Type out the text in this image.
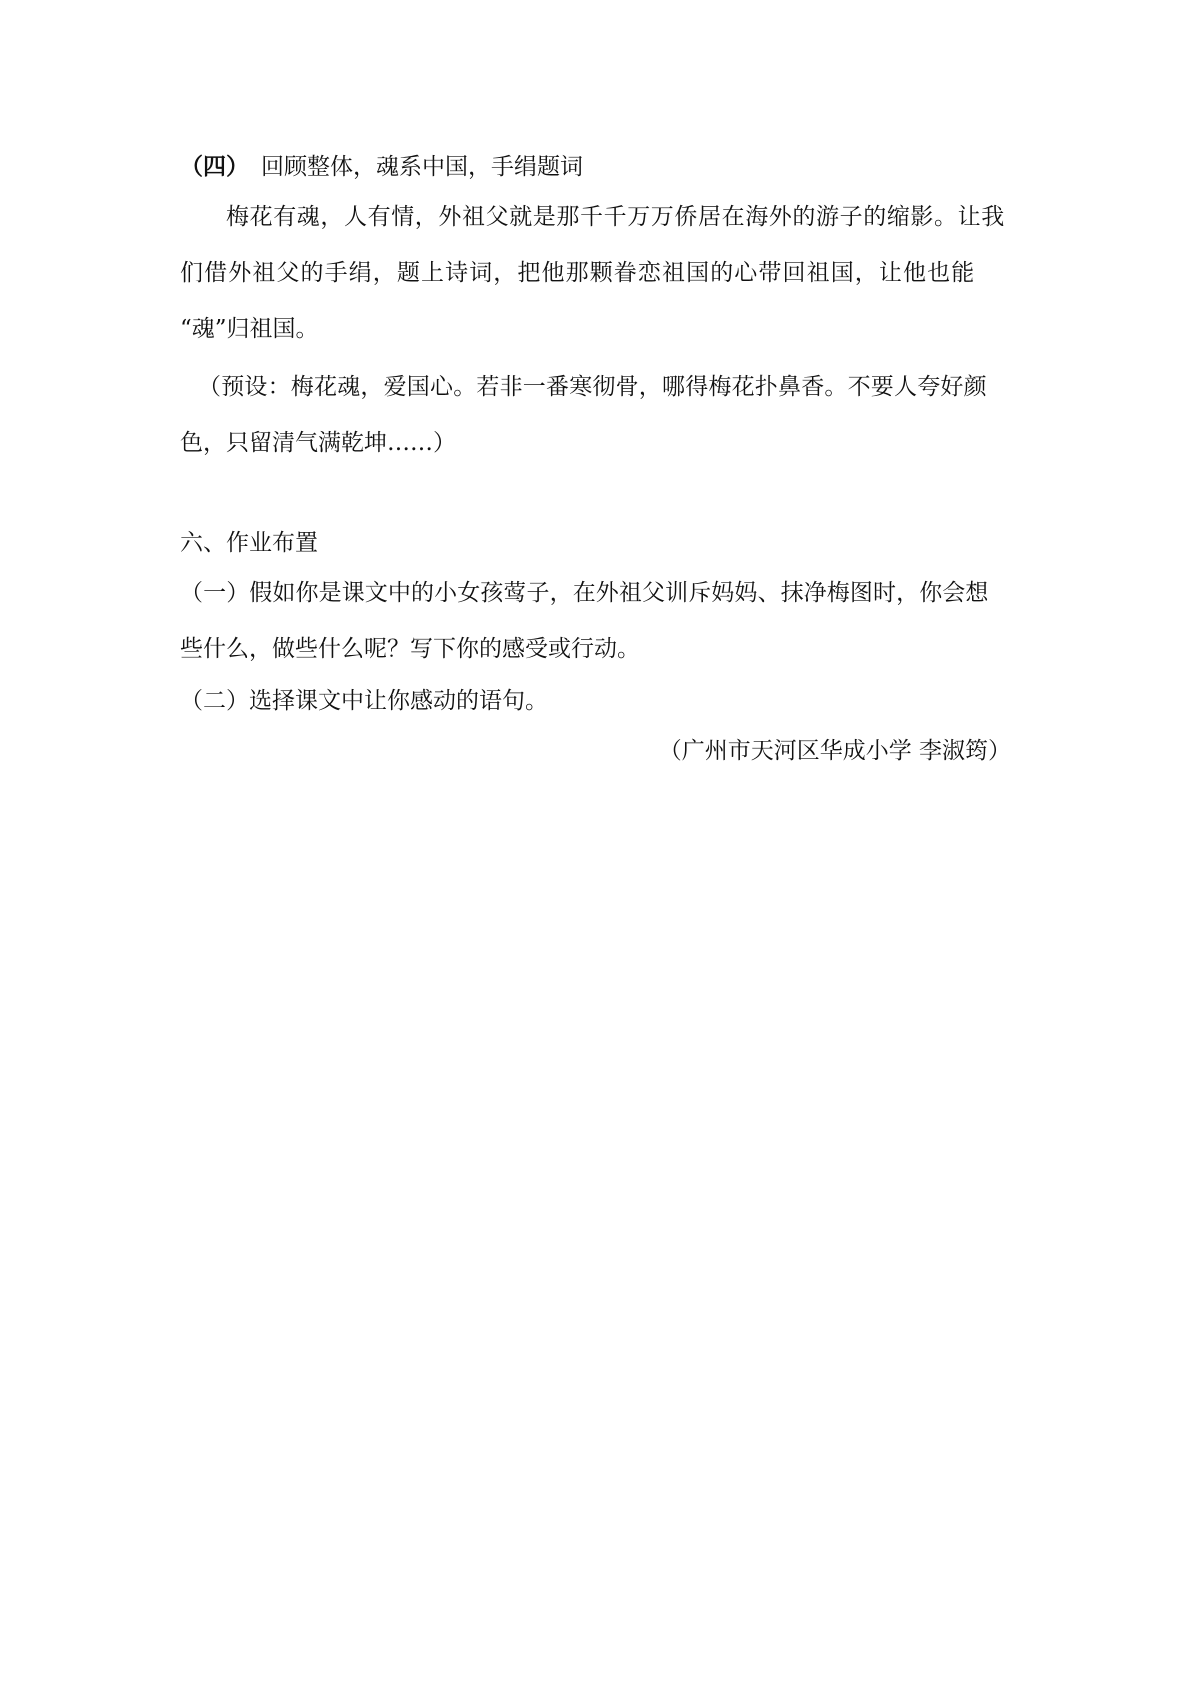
（四） 回顾整体，魂系中国，手绢题词
梅花有魂，人有情，外祖父就是那千千万万侨居在海外的游子的缩影。让我
们借外祖父的手绢，题上诗词，把他那颗眷恋祖国的心带回祖国，让他也能
“魂”归祖国。
（预设：梅花魂，爱国心。若非一番寒彻骨，哪得梅花扑鼻香。不要人夸好颜
色，只留清气满乾坤……）
六、作业布置
（一）假如你是课文中的小女孩莺子，在外祖父训斥妈妈、抹净梅图时，你会想
些什么，做些什么呢？写下你的感受或行动。
（二）选择课文中让你感动的语句。
（广州市天河区华成小学 李淑筠）
